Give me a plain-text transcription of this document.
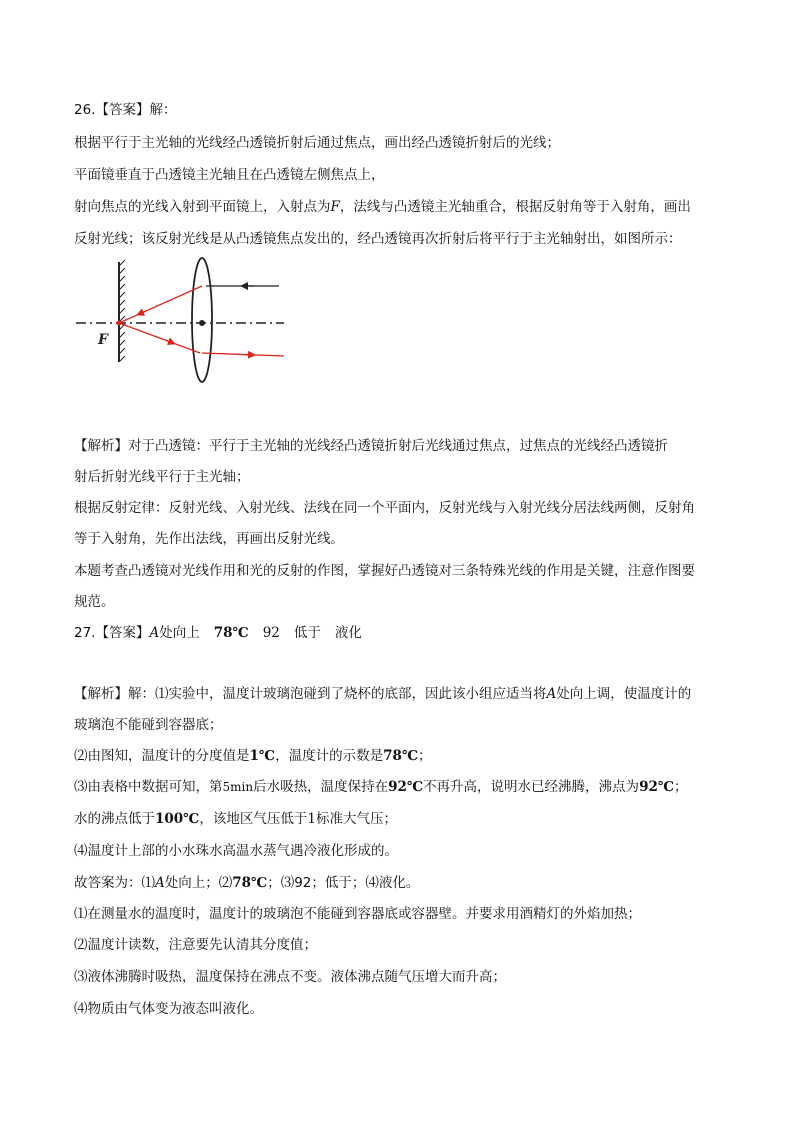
26.【答案】解：
根据平行于主光轴的光线经凸透镜折射后通过焦点，画出经凸透镜折射后的光线；
平面镜垂直于凸透镜主光轴且在凸透镜左侧焦点上，
射向焦点的光线入射到平面镜上，入射点为F，法线与凸透镜主光轴重合，根据反射角等于入射角，画出
反射光线；该反射光线是从凸透镜焦点发出的，经凸透镜再次折射后将平行于主光轴射出，如图所示：
F
【解析】对于凸透镜：平行于主光轴的光线经凸透镜折射后光线通过焦点，过焦点的光线经凸透镜折
射后折射光线平行于主光轴；
根据反射定律：反射光线、入射光线、法线在同一个平面内，反射光线与入射光线分居法线两侧，反射角
等于入射角，先作出法线，再画出反射光线。
本题考查凸透镜对光线作用和光的反射的作图，掌握好凸透镜对三条特殊光线的作用是关键，注意作图要
规范。
27.【答案】A处向上 78℃ 92 低于 液化
【解析】解：⑴实验中，温度计玻璃泡碰到了烧杯的底部，因此该小组应适当将A处向上调，使温度计的
玻璃泡不能碰到容器底；
⑵由图知，温度计的分度值是1℃，温度计的示数是78℃；
⑶由表格中数据可知，第5min后水吸热，温度保持在92℃不再升高，说明水已经沸腾，沸点为92℃；
水的沸点低于100℃，该地区气压低于1标准大气压；
⑷温度计上部的小水珠水高温水蒸气遇冷液化形成的。
故答案为：⑴A处向上；⑵78℃；⑶92；低于；⑷液化。
⑴在测量水的温度时，温度计的玻璃泡不能碰到容器底或容器壁。并要求用酒精灯的外焰加热；
⑵温度计读数，注意要先认清其分度值；
⑶液体沸腾时吸热，温度保持在沸点不变。液体沸点随气压增大而升高；
⑷物质由气体变为液态叫液化。
